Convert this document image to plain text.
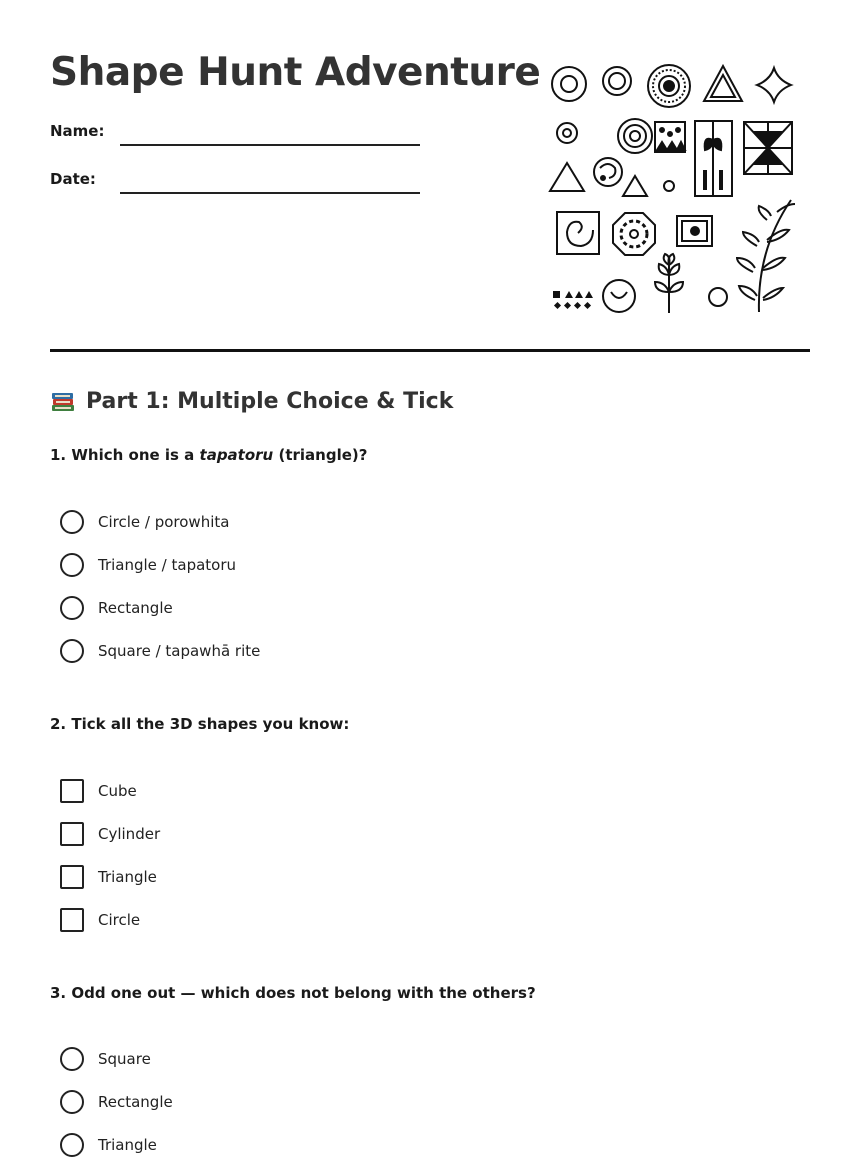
Shape Hunt Adventure
Name:
Date:
Part 1: Multiple Choice & Tick
1. Which one is a tapatoru (triangle)?
Circle / porowhita
Triangle / tapatoru
Rectangle
Square / tapawhā rite
2. Tick all the 3D shapes you know:
Cube
Cylinder
Triangle
Circle
3. Odd one out — which does not belong with the others?
Square
Rectangle
Triangle
